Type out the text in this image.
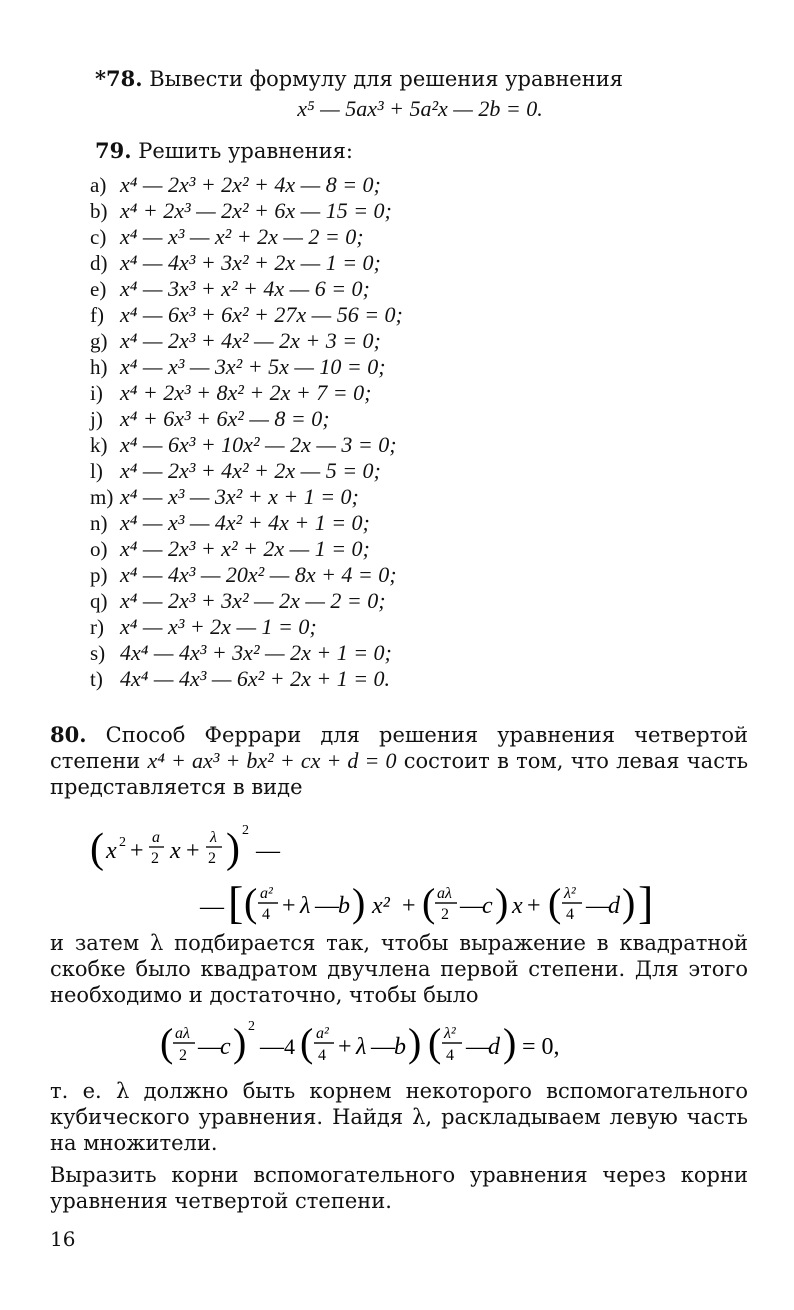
*78. Вывести формулу для решения уравнения
x⁵ — 5ax³ + 5a²x — 2b = 0.
79. Решить уравнения:
a) x⁴ — 2x³ + 2x² + 4x — 8 = 0;
b) x⁴ + 2x³ — 2x² + 6x — 15 = 0;
c) x⁴ — x³ — x² + 2x — 2 = 0;
d) x⁴ — 4x³ + 3x² + 2x — 1 = 0;
e) x⁴ — 3x³ + x² + 4x — 6 = 0;
f) x⁴ — 6x³ + 6x² + 27x — 56 = 0;
g) x⁴ — 2x³ + 4x² — 2x + 3 = 0;
h) x⁴ — x³ — 3x² + 5x — 10 = 0;
i) x⁴ + 2x³ + 8x² + 2x + 7 = 0;
j) x⁴ + 6x³ + 6x² — 8 = 0;
k) x⁴ — 6x³ + 10x² — 2x — 3 = 0;
l) x⁴ — 2x³ + 4x² + 2x — 5 = 0;
m) x⁴ — x³ — 3x² + x + 1 = 0;
n) x⁴ — x³ — 4x² + 4x + 1 = 0;
o) x⁴ — 2x³ + x² + 2x — 1 = 0;
p) x⁴ — 4x³ — 20x² — 8x + 4 = 0;
q) x⁴ — 2x³ + 3x² — 2x — 2 = 0;
r) x⁴ — x³ + 2x — 1 = 0;
s) 4x⁴ — 4x³ + 3x² — 2x + 1 = 0;
t) 4x⁴ — 4x³ — 6x² + 2x + 1 = 0.
80. Способ Феррари для решения уравнения четвертой степени x⁴ + ax³ + bx² + cx + d = 0 состоит в том, что левая часть представляется в виде
( x 2 +
a
2 x +
λ
2 ) 2
—
— [ ( a²
4 + λ — b ) x² + ( aλ
2 —
c ) x + ( λ²
4 —
d ) ]
и затем λ подбирается так, чтобы выражение в квадратной скобке было квадратом двучлена первой степени. Для этого необходимо и достаточно, чтобы было
( aλ
2 —
c ) 2
— 4 ( a²
4 + λ — b ) ( λ²
4 —
d ) = 0,
т. е. λ должно быть корнем некоторого вспомогательного кубического уравнения. Найдя λ, раскладываем левую часть на множители.
Выразить корни вспомогательного уравнения через корни уравнения четвертой степени.
16
